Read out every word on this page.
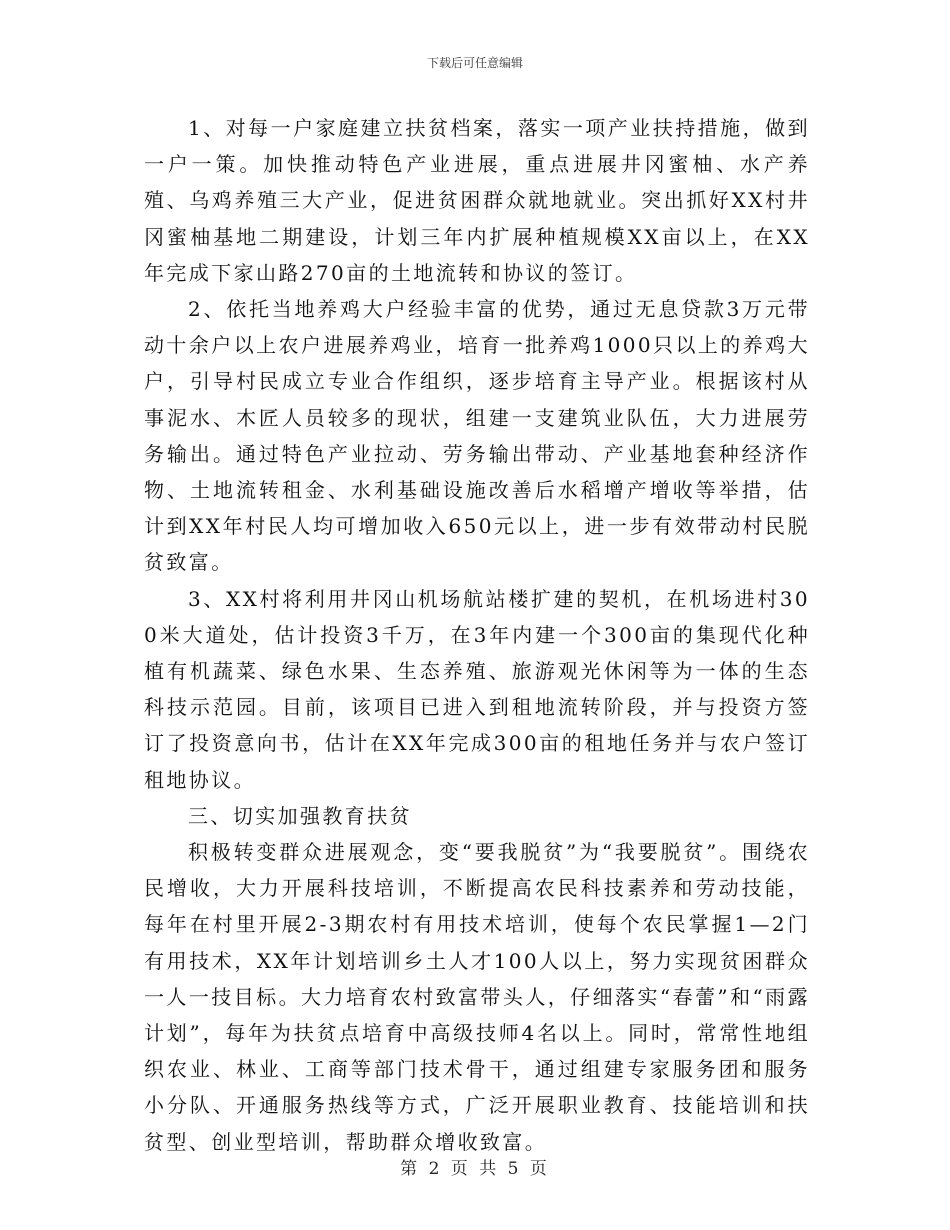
下载后可任意编辑

1、对每一户家庭建立扶贫档案，落实一项产业扶持措施，做到一户一策。加快推动特色产业进展，重点进展井冈蜜柚、水产养殖、乌鸡养殖三大产业，促进贫困群众就地就业。突出抓好XX村井冈蜜柚基地二期建设，计划三年内扩展种植规模XX亩以上，在XX年完成下家山路270亩的土地流转和协议的签订。

2、依托当地养鸡大户经验丰富的优势，通过无息贷款3万元带动十余户以上农户进展养鸡业，培育一批养鸡1000只以上的养鸡大户，引导村民成立专业合作组织，逐步培育主导产业。根据该村从事泥水、木匠人员较多的现状，组建一支建筑业队伍，大力进展劳务输出。通过特色产业拉动、劳务输出带动、产业基地套种经济作物、土地流转租金、水利基础设施改善后水稻增产增收等举措，估计到XX年村民人均可增加收入650元以上，进一步有效带动村民脱贫致富。

3、XX村将利用井冈山机场航站楼扩建的契机，在机场进村300米大道处，估计投资3千万，在3年内建一个300亩的集现代化种植有机蔬菜、绿色水果、生态养殖、旅游观光休闲等为一体的生态科技示范园。目前，该项目已进入到租地流转阶段，并与投资方签订了投资意向书，估计在XX年完成300亩的租地任务并与农户签订租地协议。

三、切实加强教育扶贫

积极转变群众进展观念，变“要我脱贫”为“我要脱贫”。围绕农民增收，大力开展科技培训，不断提高农民科技素养和劳动技能，每年在村里开展2-3期农村有用技术培训，使每个农民掌握1—2门有用技术，XX年计划培训乡土人才100人以上，努力实现贫困群众一人一技目标。大力培育农村致富带头人，仔细落实“春蕾”和“雨露计划”，每年为扶贫点培育中高级技师4名以上。同时，常常性地组织农业、林业、工商等部门技术骨干，通过组建专家服务团和服务小分队、开通服务热线等方式，广泛开展职业教育、技能培训和扶贫型、创业型培训，帮助群众增收致富。

第 2 页 共 5 页
